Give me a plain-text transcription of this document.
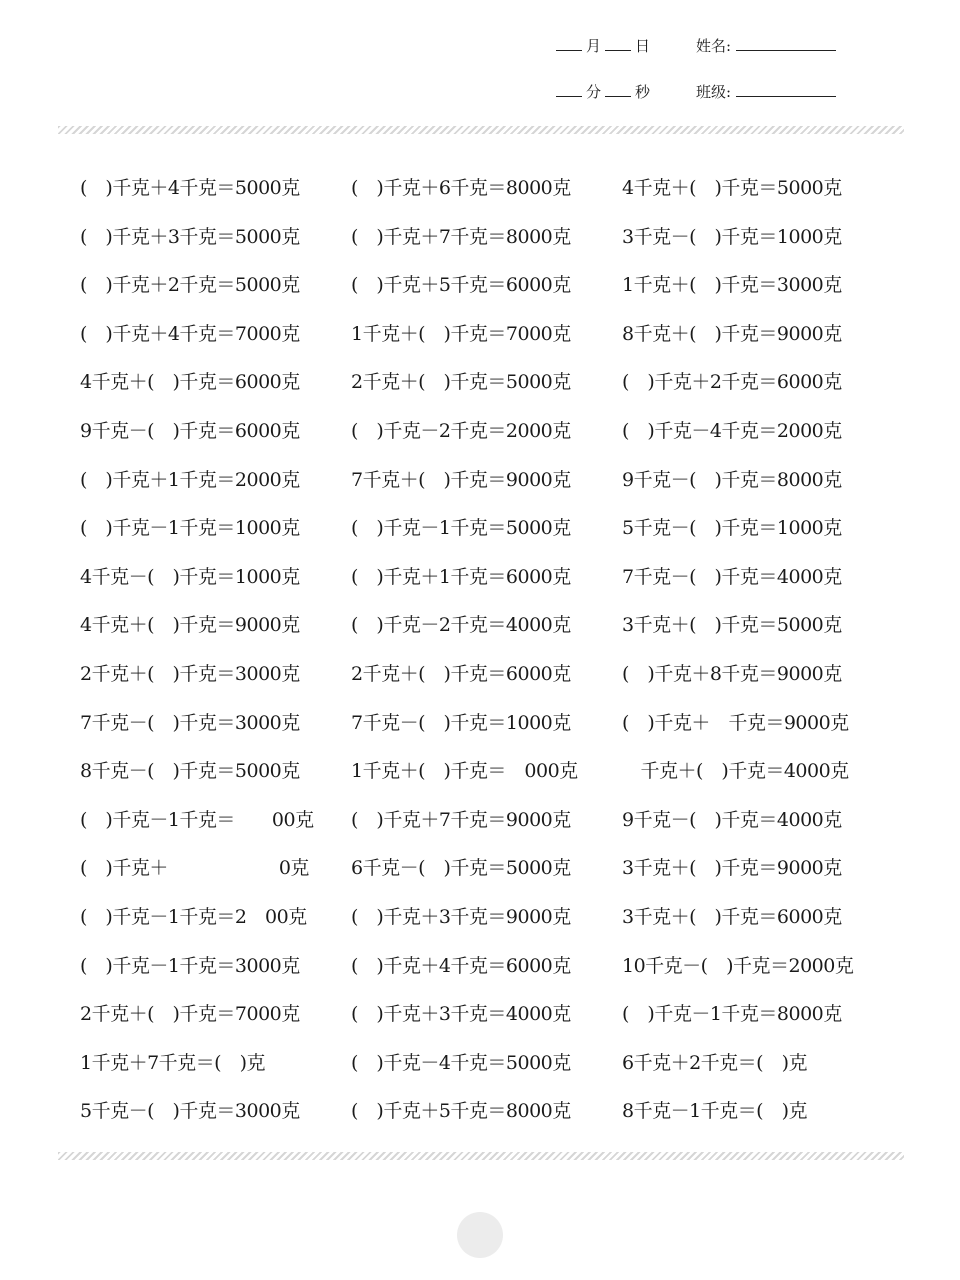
月 日	姓名:
分 秒	班级:
(　)千克＋4千克＝5000克	(　)千克＋6千克＝8000克	4千克＋(　)千克＝5000克
(　)千克＋3千克＝5000克	(　)千克＋7千克＝8000克	3千克－(　)千克＝1000克
(　)千克＋2千克＝5000克	(　)千克＋5千克＝6000克	1千克＋(　)千克＝3000克
(　)千克＋4千克＝7000克	1千克＋(　)千克＝7000克	8千克＋(　)千克＝9000克
4千克＋(　)千克＝6000克	2千克＋(　)千克＝5000克	(　)千克＋2千克＝6000克
9千克－(　)千克＝6000克	(　)千克－2千克＝2000克	(　)千克－4千克＝2000克
(　)千克＋1千克＝2000克	7千克＋(　)千克＝9000克	9千克－(　)千克＝8000克
(　)千克－1千克＝1000克	(　)千克－1千克＝5000克	5千克－(　)千克＝1000克
4千克－(　)千克＝1000克	(　)千克＋1千克＝6000克	7千克－(　)千克＝4000克
4千克＋(　)千克＝9000克	(　)千克－2千克＝4000克	3千克＋(　)千克＝5000克
2千克＋(　)千克＝3000克	2千克＋(　)千克＝6000克	(　)千克＋8千克＝9000克
7千克－(　)千克＝3000克	7千克－(　)千克＝1000克	(　)千克＋　千克＝9000克
8千克－(　)千克＝5000克	1千克＋(　)千克＝　000克 　千克＋(　)千克＝4000克
(　)千克－1千克＝　　00克 (　)千克＋7千克＝9000克	9千克－(　)千克＝4000克
(　)千克＋　　　　　　0克 6千克－(　)千克＝5000克	3千克＋(　)千克＝9000克
(　)千克－1千克＝2　00克 (　)千克＋3千克＝9000克	3千克＋(　)千克＝6000克
(　)千克－1千克＝3000克	(　)千克＋4千克＝6000克	10千克－(　)千克＝2000克
2千克＋(　)千克＝7000克	(　)千克＋3千克＝4000克	(　)千克－1千克＝8000克
1千克＋7千克＝(　)克	(　)千克－4千克＝5000克	6千克＋2千克＝(　)克
5千克－(　)千克＝3000克	(　)千克＋5千克＝8000克	8千克－1千克＝(　)克
